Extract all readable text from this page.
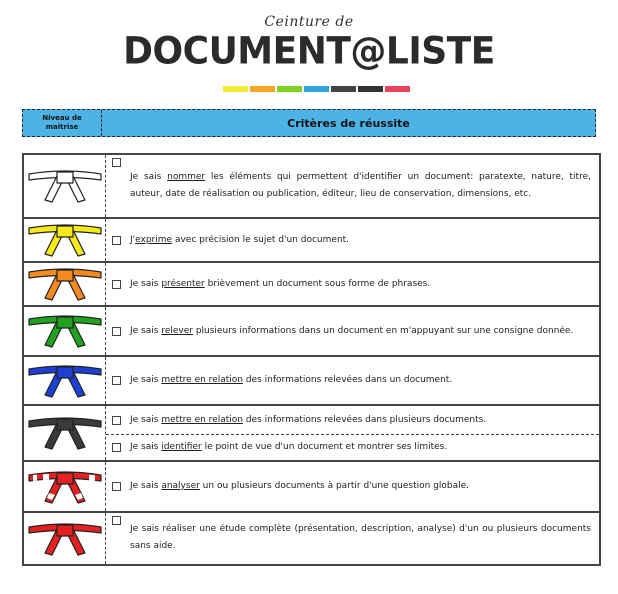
Ceinture de
DOCUMENT@LISTE
Niveau de maitrise	Critères de réussite
Je sais nommer les éléments qui permettent d'identifier un document: paratexte, nature, titre, auteur, date de réalisation ou publication, éditeur, lieu de conservation, dimensions, etc.
J'exprime avec précision le sujet d'un document.
Je sais présenter brièvement un document sous forme de phrases.
Je sais relever plusieurs informations dans un document en m'appuyant sur une consigne donnée.
Je sais mettre en relation des informations relevées dans un document.
Je sais mettre en relation des informations relevées dans plusieurs documents.
Je sais identifier le point de vue d'un document et montrer ses limites.
Je sais analyser un ou plusieurs documents à partir d'une question globale.
Je sais réaliser une étude complète (présentation, description, analyse) d'un ou plusieurs documents sans aide.
